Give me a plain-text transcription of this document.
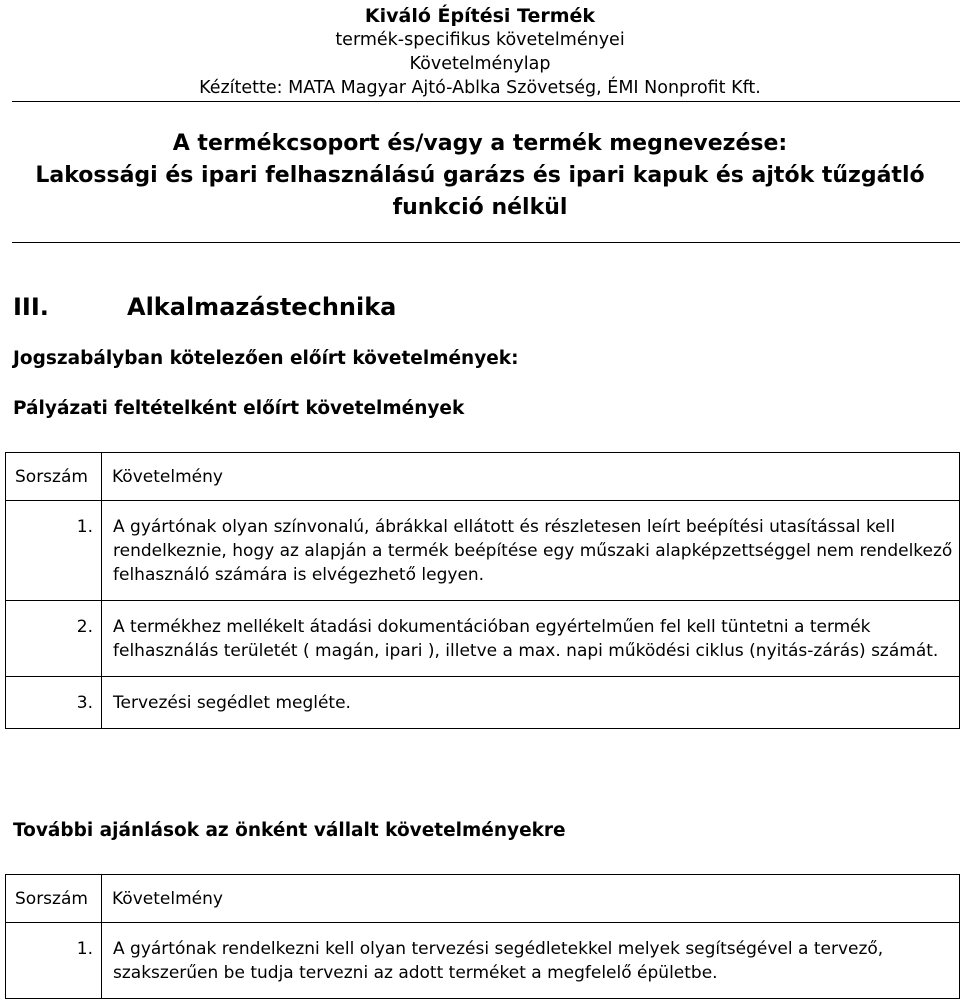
Kiváló Építési Termék
termék-specifikus követelményei
Követelménylap
Kézítette: MATA Magyar Ajtó-Ablka Szövetség, ÉMI Nonprofit Kft.
A termékcsoport és/vagy a termék megnevezése:
Lakossági és ipari felhasználású garázs és ipari kapuk és ajtók tűzgátló
funkció nélkül
III.	Alkalmazástechnika
Jogszabályban kötelezően előírt követelmények:
Pályázati feltételként előírt követelmények
Sorszám	Követelmény
1.	A gyártónak olyan színvonalú, ábrákkal ellátott és részletesen leírt beépítési utasítással kell rendelkeznie, hogy az alapján a termék beépítése egy műszaki alapképzettséggel nem rendelkező felhasználó számára is elvégezhető legyen.
2.	A termékhez mellékelt átadási dokumentációban egyértelműen fel kell tüntetni a termék felhasználás területét ( magán, ipari ), illetve a max. napi működési ciklus (nyitás-zárás) számát.
3.	Tervezési segédlet megléte.
További ajánlások az önként vállalt követelményekre
Sorszám	Követelmény
1.	A gyártónak rendelkezni kell olyan tervezési segédletekkel melyek segítségével a tervező, szakszerűen be tudja tervezni az adott terméket a megfelelő épületbe.
